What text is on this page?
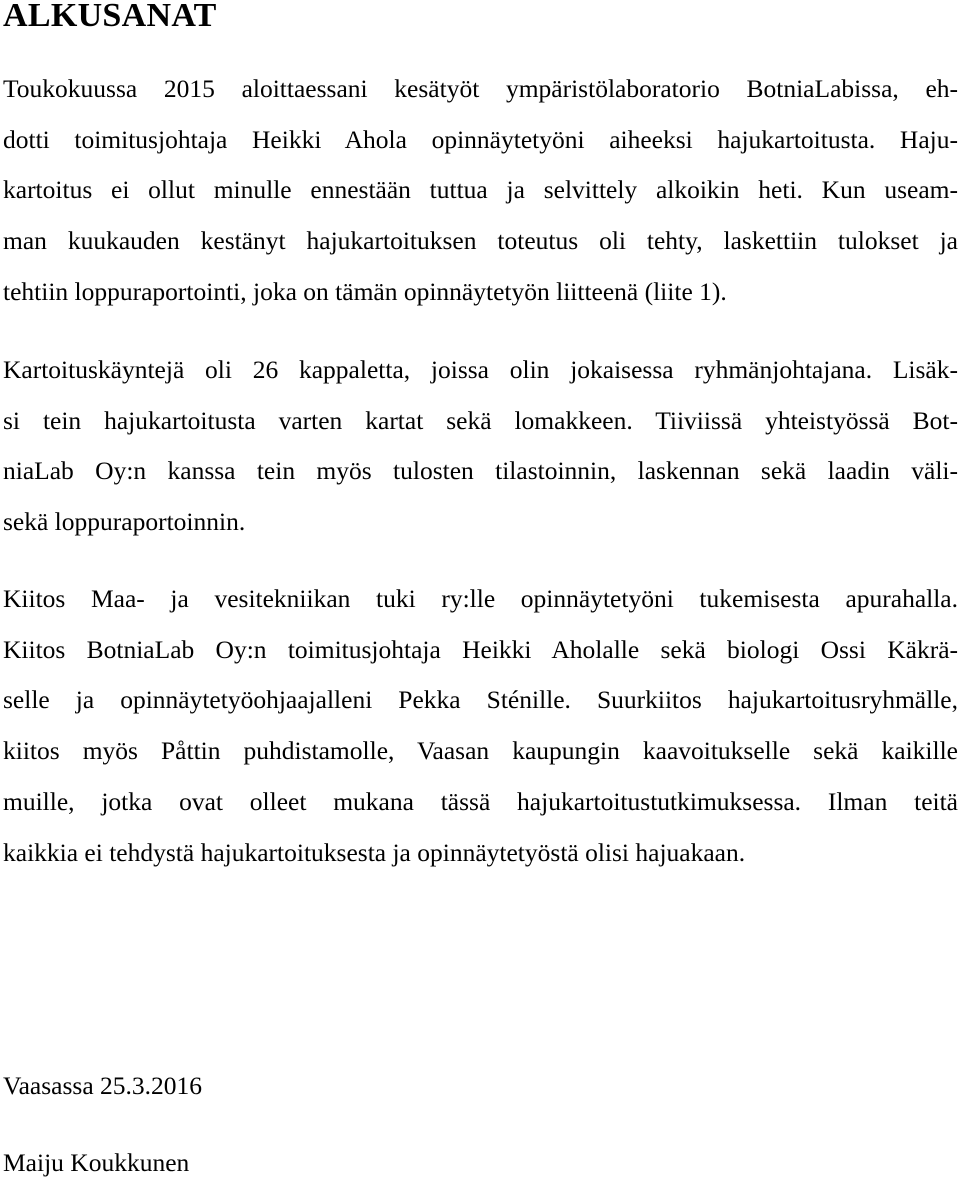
ALKUSANAT

Toukokuussa 2015 aloittaessani kesätyöt ympäristölaboratorio BotniaLabissa, eh-
dotti toimitusjohtaja Heikki Ahola opinnäytetyöni aiheeksi hajukartoitusta. Haju-
kartoitus ei ollut minulle ennestään tuttua ja selvittely alkoikin heti. Kun useam-
man kuukauden kestänyt hajukartoituksen toteutus oli tehty, laskettiin tulokset ja
tehtiin loppuraportointi, joka on tämän opinnäytetyön liitteenä (liite 1).

Kartoituskäyntejä oli 26 kappaletta, joissa olin jokaisessa ryhmänjohtajana. Lisäk-
si tein hajukartoitusta varten kartat sekä lomakkeen. Tiiviissä yhteistyössä Bot-
niaLab Oy:n kanssa tein myös tulosten tilastoinnin, laskennan sekä laadin väli-
sekä loppuraportoinnin.

Kiitos Maa- ja vesitekniikan tuki ry:lle opinnäytetyöni tukemisesta apurahalla.
Kiitos BotniaLab Oy:n toimitusjohtaja Heikki Aholalle sekä biologi Ossi Käkrä-
selle ja opinnäytetyöohjaajalleni Pekka Sténille. Suurkiitos hajukartoitusryhmälle,
kiitos myös Påttin puhdistamolle, Vaasan kaupungin kaavoitukselle sekä kaikille
muille, jotka ovat olleet mukana tässä hajukartoitustutkimuksessa. Ilman teitä
kaikkia ei tehdystä hajukartoituksesta ja opinnäytetyöstä olisi hajuakaan.

Vaasassa 25.3.2016

Maiju Koukkunen
